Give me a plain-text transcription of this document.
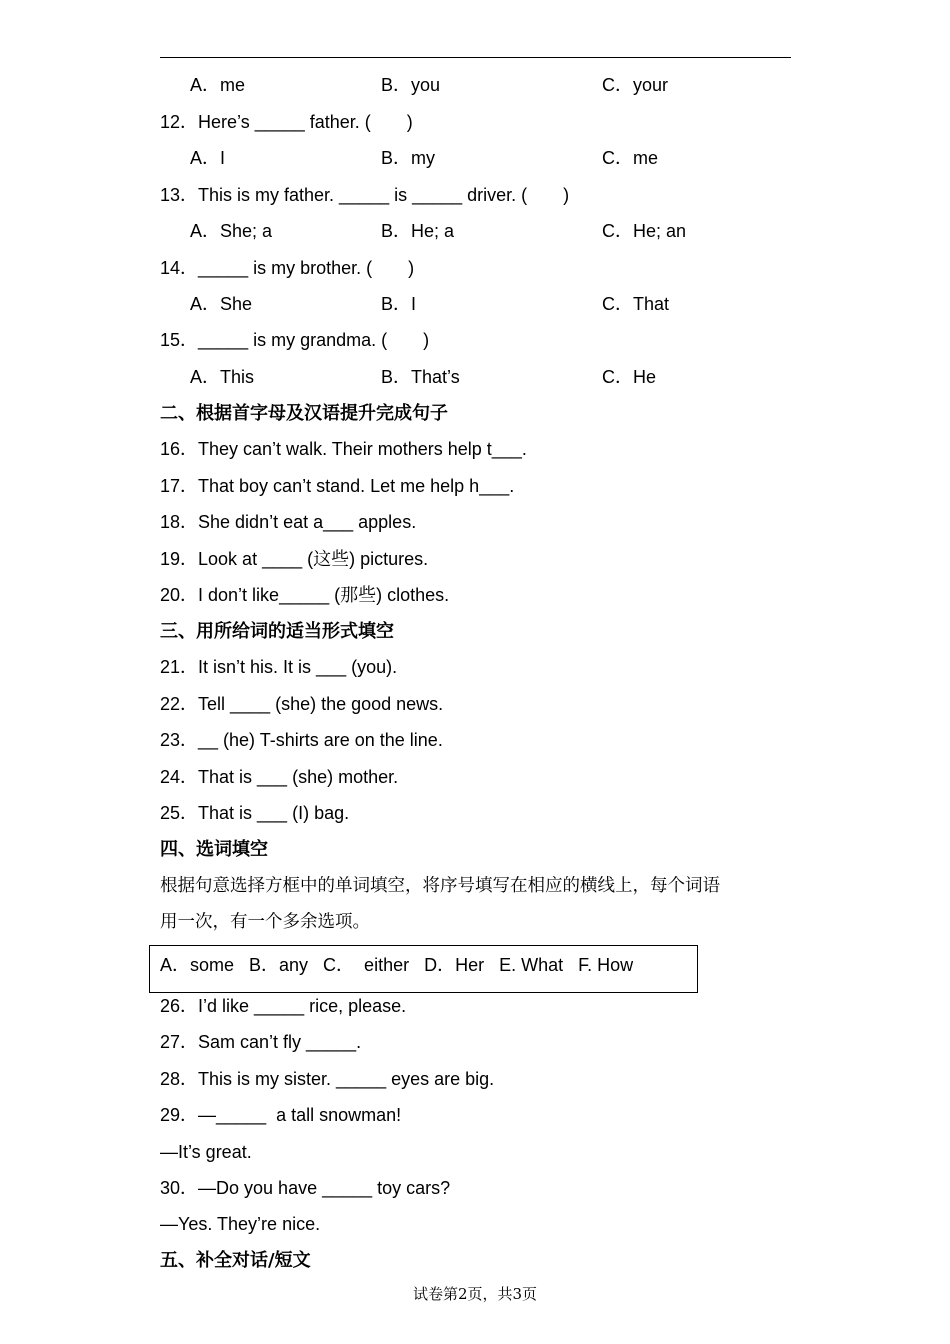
A．me	B．you	C．your
12．Here’s _____ father. (　　)
A．I	B．my	C．me
13．This is my father. _____ is _____ driver. (　　)
A．She; a	B．He; a	C．He; an
14．_____ is my brother. (　　)
A．She	B．I	C．That
15．_____ is my grandma. (　　)
A．This	B．That’s	C．He
二、根据首字母及汉语提升完成句子
16．They can’t walk. Their mothers help t___.
17．That boy can’t stand. Let me help h___.
18．She didn’t eat a___ apples.
19．Look at ____ (这些) pictures.
20．I don’t like_____ (那些) clothes.
三、用所给词的适当形式填空
21．It isn’t his. It is ___ (you).
22．Tell ____ (she) the good news.
23．__ (he) T-shirts are on the line.
24．That is ___ (she) mother.
25．That is ___ (I) bag.
四、选词填空
根据句意选择方框中的单词填空，将序号填写在相应的横线上，每个词语
用一次，有一个多余选项。
A．some   B．any   C．  either   D．Her   E. What   F. How
26．I’d like _____ rice, please.
27．Sam can’t fly _____.
28．This is my sister. _____ eyes are big.
29．—_____  a tall snowman!
—It’s great.
30．—Do you have _____ toy cars?
—Yes. They’re nice.
五、补全对话/短文
试卷第2页，共3页
